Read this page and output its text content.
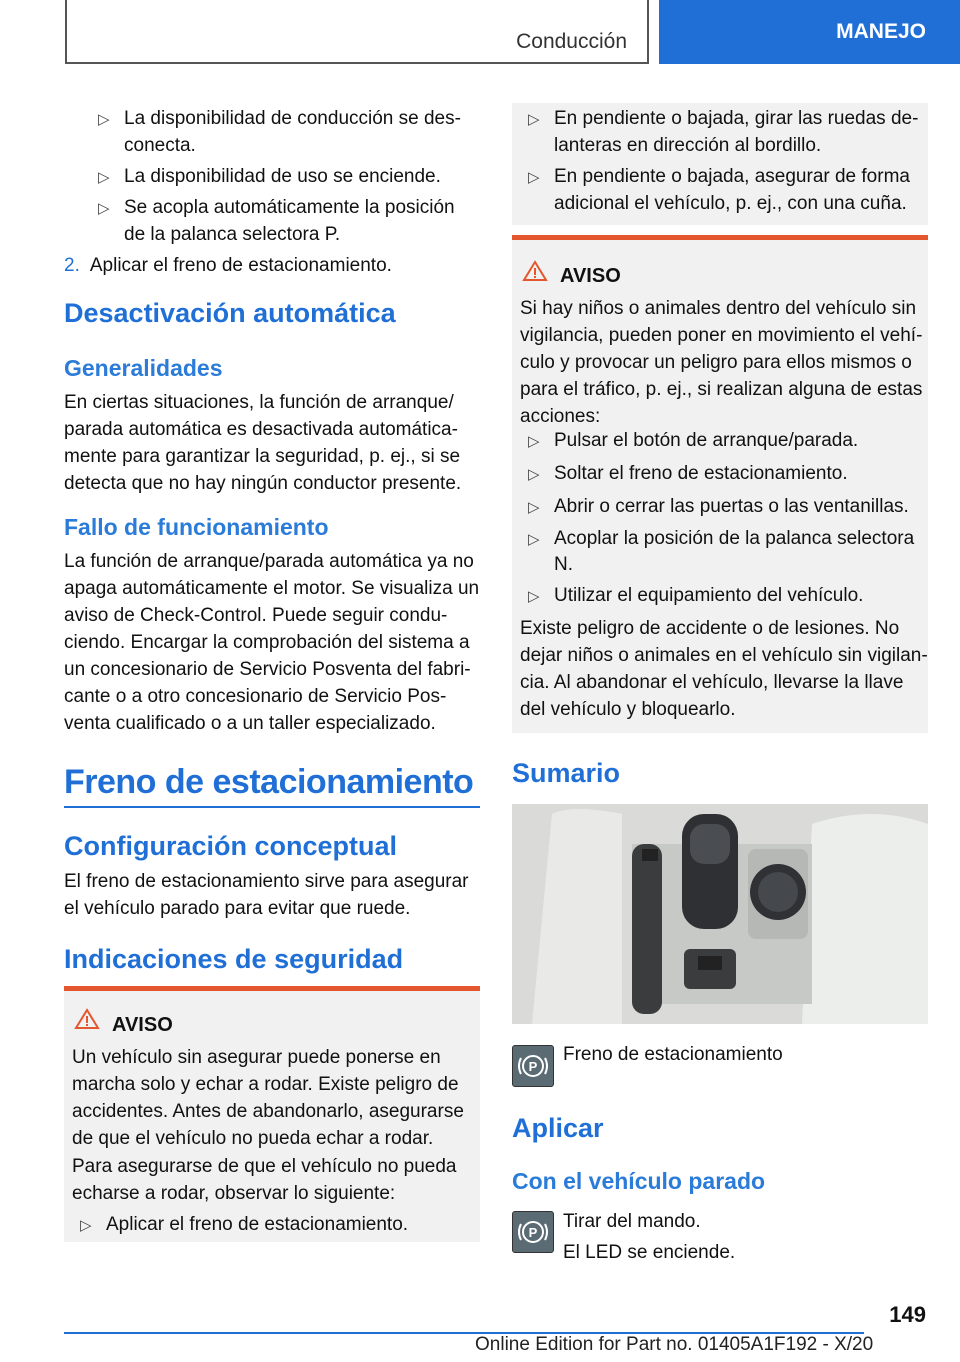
Conducción	MANEJO
▷ La disponibilidad de conducción se des-
conecta.
▷ La disponibilidad de uso se enciende.
▷ Se acopla automáticamente la posición
de la palanca selectora P.
2. Aplicar el freno de estacionamiento.
Desactivación automática
Generalidades
En ciertas situaciones, la función de arranque/
parada automática es desactivada automática-
mente para garantizar la seguridad, p. ej., si se
detecta que no hay ningún conductor presente.
Fallo de funcionamiento
La función de arranque/parada automática ya no
apaga automáticamente el motor. Se visualiza un
aviso de Check-Control. Puede seguir condu-
ciendo. Encargar la comprobación del sistema a
un concesionario de Servicio Posventa del fabri-
cante o a otro concesionario de Servicio Pos-
venta cualificado o a un taller especializado.
Freno de estacionamiento
Configuración conceptual
El freno de estacionamiento sirve para asegurar
el vehículo parado para evitar que ruede.
Indicaciones de seguridad
AVISO
Un vehículo sin asegurar puede ponerse en
marcha solo y echar a rodar. Existe peligro de
accidentes. Antes de abandonarlo, asegurarse
de que el vehículo no pueda echar a rodar.
Para asegurarse de que el vehículo no pueda
echarse a rodar, observar lo siguiente:
▷ Aplicar el freno de estacionamiento.
▷ En pendiente o bajada, girar las ruedas de-
lanteras en dirección al bordillo.
▷ En pendiente o bajada, asegurar de forma
adicional el vehículo, p. ej., con una cuña.
AVISO
Si hay niños o animales dentro del vehículo sin
vigilancia, pueden poner en movimiento el vehí-
culo y provocar un peligro para ellos mismos o
para el tráfico, p. ej., si realizan alguna de estas
acciones:
▷ Pulsar el botón de arranque/parada.
▷ Soltar el freno de estacionamiento.
▷ Abrir o cerrar las puertas o las ventanillas.
▷ Acoplar la posición de la palanca selectora
N.
▷ Utilizar el equipamiento del vehículo.
Existe peligro de accidente o de lesiones. No
dejar niños o animales en el vehículo sin vigilan-
cia. Al abandonar el vehículo, llevarse la llave
del vehículo y bloquearlo.
Sumario
P
Freno de estacionamiento
Aplicar
Con el vehículo parado
P
Tirar del mando.
El LED se enciende.
149
Online Edition for Part no. 01405A1F192 - X/20
